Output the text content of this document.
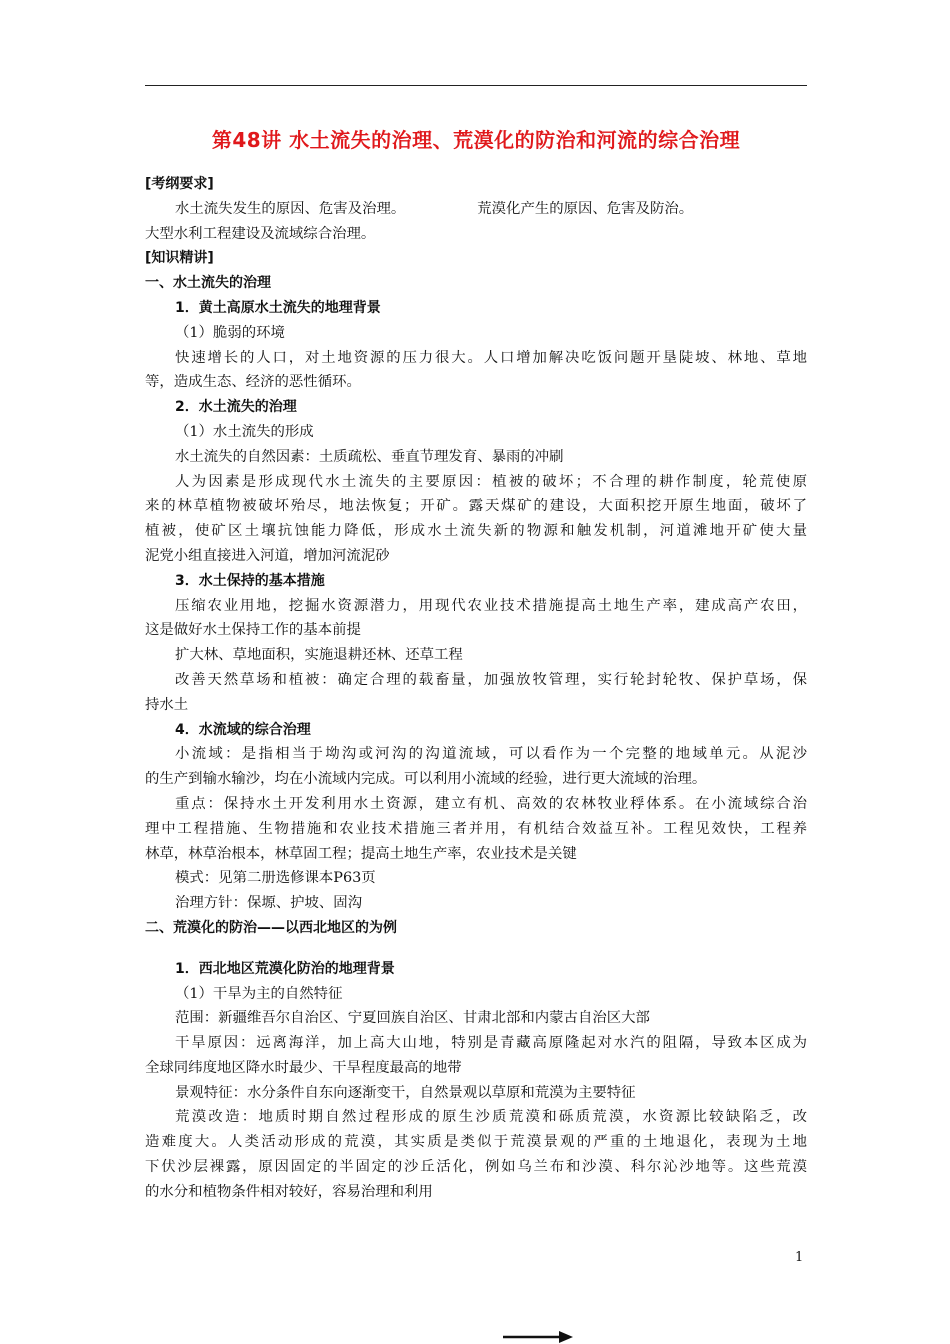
第48讲 水土流失的治理、荒漠化的防治和河流的综合治理
[考纲要求]
水土流失发生的原因、危害及治理。	荒漠化产生的原因、危害及防治。
大型水利工程建设及流域综合治理。
[知识精讲]
一、水土流失的治理
1．黄土高原水土流失的地理背景
（1）脆弱的环境
快速增长的人口，对土地资源的压力很大。人口增加解决吃饭问题开垦陡坡、林地、草地
等，造成生态、经济的恶性循环。
2．水土流失的治理
（1）水土流失的形成
水土流失的自然因素：土质疏松、垂直节理发育、暴雨的冲刷
人为因素是形成现代水土流失的主要原因：植被的破坏；不合理的耕作制度，轮荒使原
来的林草植物被破坏殆尽，地法恢复；开矿。露天煤矿的建设，大面积挖开原生地面，破坏了
植被，使矿区土壤抗蚀能力降低，形成水土流失新的物源和触发机制，河道滩地开矿使大量
泥党小组直接进入河道，增加河流泥砂
3．水土保持的基本措施
压缩农业用地，挖掘水资源潜力，用现代农业技术措施提高土地生产率，建成高产农田，
这是做好水土保持工作的基本前提
扩大林、草地面积，实施退耕还林、还草工程
改善天然草场和植被：确定合理的载畜量，加强放牧管理，实行轮封轮牧、保护草场，保
持水土
4．水流域的综合治理
小流域：是指相当于坳沟或河沟的沟道流域，可以看作为一个完整的地域单元。从泥沙
的生产到输水输沙，均在小流域内完成。可以利用小流域的经验，进行更大流域的治理。
重点：保持水土开发利用水土资源，建立有机、高效的农林牧业稃体系。在小流域综合治
理中工程措施、生物措施和农业技术措施三者并用，有机结合效益互补。工程见效快，工程养
林草，林草治根本，林草固工程；提高土地生产率，农业技术是关键
模式：见第二册选修课本P63页
治理方针：保塬、护坡、固沟
二、荒漠化的防治——以西北地区的为例
1．西北地区荒漠化防治的地理背景
（1）干旱为主的自然特征
范围：新疆维吾尔自治区、宁夏回族自治区、甘肃北部和内蒙古自治区大部
干旱原因：远离海洋，加上高大山地，特别是青藏高原隆起对水汽的阻隔，导致本区成为
全球同纬度地区降水时最少、干旱程度最高的地带
景观特征：水分条件自东向逐渐变干，自然景观以草原和荒漠为主要特征
荒漠改造：地质时期自然过程形成的原生沙质荒漠和砾质荒漠，水资源比较缺陷乏，改
造难度大。人类活动形成的荒漠，其实质是类似于荒漠景观的严重的土地退化，表现为土地
下伏沙层裸露，原因固定的半固定的沙丘活化，例如乌兰布和沙漠、科尔沁沙地等。这些荒漠
的水分和植物条件相对较好，容易治理和利用
1
